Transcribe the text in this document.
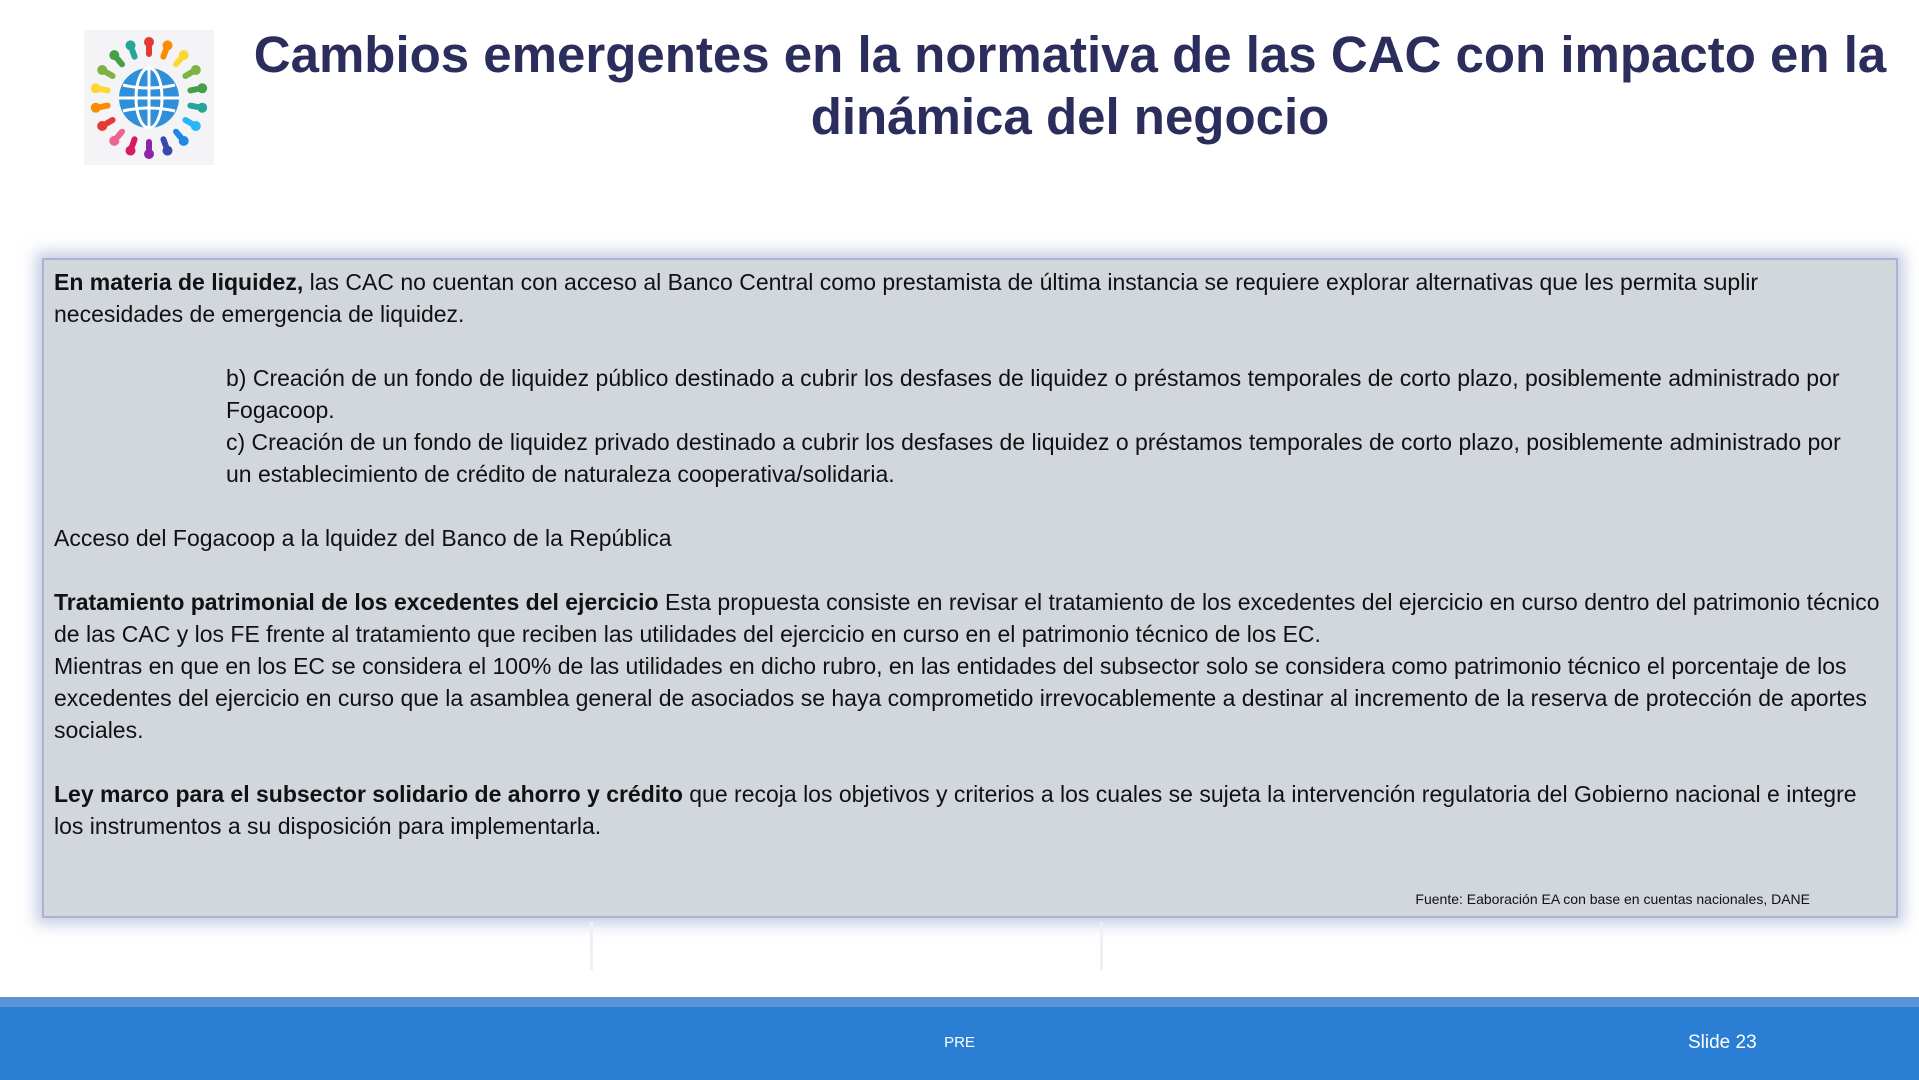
Cambios emergentes en la normativa de las CAC con impacto en la dinámica del negocio

En materia de liquidez, las CAC no cuentan con acceso al Banco Central como prestamista de última instancia se requiere explorar alternativas que les permita suplir necesidades de emergencia de liquidez.

b) Creación de un fondo de liquidez público destinado a cubrir los desfases de liquidez o préstamos temporales de corto plazo, posiblemente administrado por Fogacoop.

c) Creación de un fondo de liquidez privado destinado a cubrir los desfases de liquidez o préstamos temporales de corto plazo, posiblemente administrado por un establecimiento de crédito de naturaleza cooperativa/solidaria.

Acceso del Fogacoop a la lquidez del Banco de la República

Tratamiento patrimonial de los excedentes del ejercicio Esta propuesta consiste en revisar el tratamiento de los excedentes del ejercicio en curso dentro del patrimonio técnico de las CAC y los FE frente al tratamiento que reciben las utilidades del ejercicio en curso en el patrimonio técnico de los EC.

Mientras en que en los EC se considera el 100% de las utilidades en dicho rubro, en las entidades del subsector solo se considera como patrimonio técnico el porcentaje de los excedentes del ejercicio en curso que la asamblea general de asociados se haya comprometido irrevocablemente a destinar al incremento de la reserva de protección de aportes sociales.

Ley marco para el subsector solidario de ahorro y crédito que recoja los objetivos y criterios a los cuales se sujeta la intervención regulatoria del Gobierno nacional e integre los instrumentos a su disposición para implementarla.

Fuente: Eaboración EA con base en cuentas nacionales, DANE
PRE	Slide 23
